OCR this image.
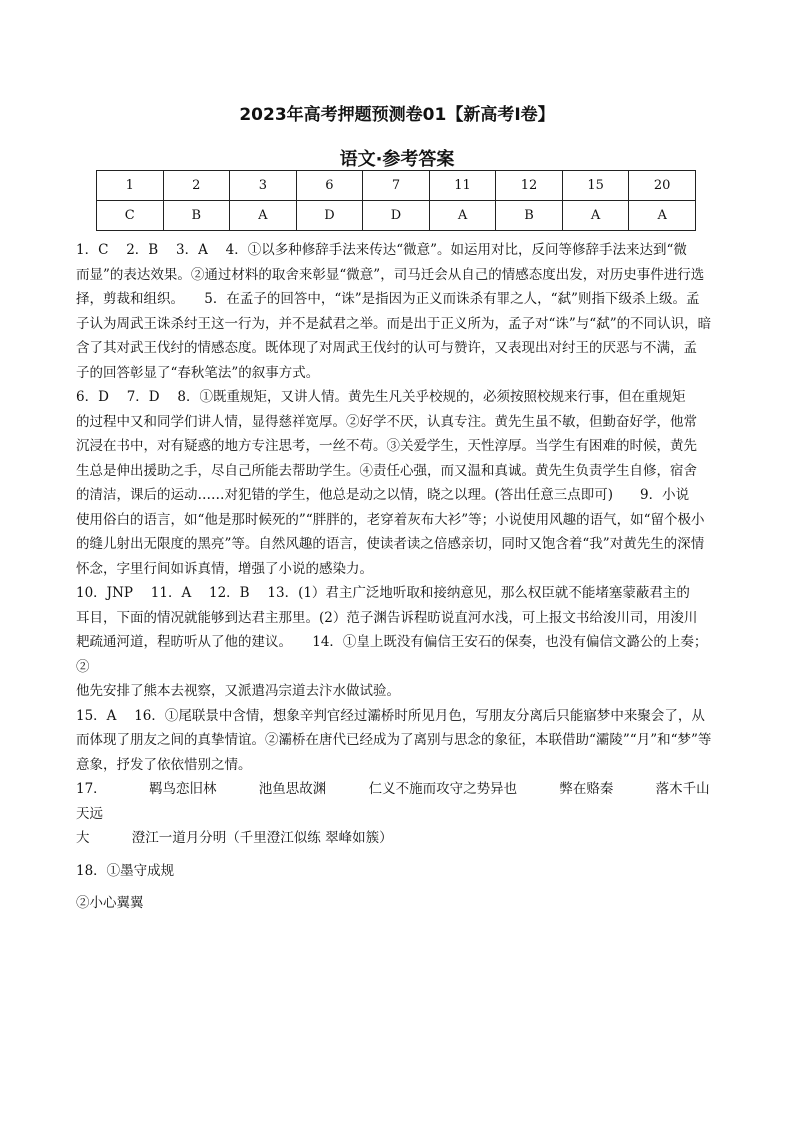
2023年高考押题预测卷01【新高考Ⅰ卷】
语文·参考答案
1	2	3	6	7	11	12	15	20
C	B	A	D	D	A	B	A	A

1．C　 2．B　 3．A　 4．①以多种修辞手法来传达“微意”。如运用对比，反问等修辞手法来达到“微

而显”的表达效果。②通过材料的取舍来彰显“微意”，司马迁会从自己的情感态度出发，对历史事件进行选

择，剪裁和组织。　　5．在孟子的回答中，“诛”是指因为正义而诛杀有罪之人，“弑”则指下级杀上级。孟

子认为周武王诛杀纣王这一行为，并不是弑君之举。而是出于正义所为，孟子对“诛”与“弑”的不同认识，暗

含了其对武王伐纣的情感态度。既体现了对周武王伐纣的认可与赞许，又表现出对纣王的厌恶与不满，孟

子的回答彰显了“春秋笔法”的叙事方式。

6．D　 7．D　 8．①既重规矩，又讲人情。黄先生凡关乎校规的，必须按照校规来行事，但在重规矩

的过程中又和同学们讲人情，显得慈祥宽厚。②好学不厌，认真专注。黄先生虽不敏，但勤奋好学，他常

沉浸在书中，对有疑惑的地方专注思考，一丝不苟。③关爱学生，天性淳厚。当学生有困难的时候，黄先

生总是伸出援助之手，尽自己所能去帮助学生。④责任心强，而又温和真诚。黄先生负责学生自修，宿舍

的清洁，课后的运动……对犯错的学生，他总是动之以情，晓之以理。(答出任意三点即可)　　9．小说

使用俗白的语言，如“他是那时候死的”“胖胖的，老穿着灰布大衫”等；小说使用风趣的语气，如“留个极小

的缝儿射出无限度的黑亮”等。自然风趣的语言，使读者读之倍感亲切，同时又饱含着“我”对黄先生的深情

怀念，字里行间如诉真情，增强了小说的感染力。

10．JNP　 11．A　 12．B　 13．(1）君主广泛地听取和接纳意见，那么权臣就不能堵塞蒙蔽君主的

耳目，下面的情况就能够到达君主那里。(2）范子渊告诉程昉说直河水浅，可上报文书给浚川司，用浚川

耙疏通河道，程昉听从了他的建议。　　14．①皇上既没有偏信王安石的保奏，也没有偏信文潞公的上奏；②

他先安排了熊本去视察，又派遣冯宗道去汴水做试验。

15．A　 16．①尾联景中含情，想象辛判官经过灞桥时所见月色，写朋友分离后只能寤梦中来聚会了，从

而体现了朋友之间的真挚情谊。②灞桥在唐代已经成为了离别与思念的象征，本联借助“灞陵”“月”和“梦”等

意象，抒发了依依惜别之情。

17．	羁鸟恋旧林	池鱼思故渊	仁义不施而攻守之势异也	弊在赂秦	落木千山天远

大	澄江一道月分明（千里澄江似练 翠峰如簇）

18．①墨守成规

②小心翼翼
